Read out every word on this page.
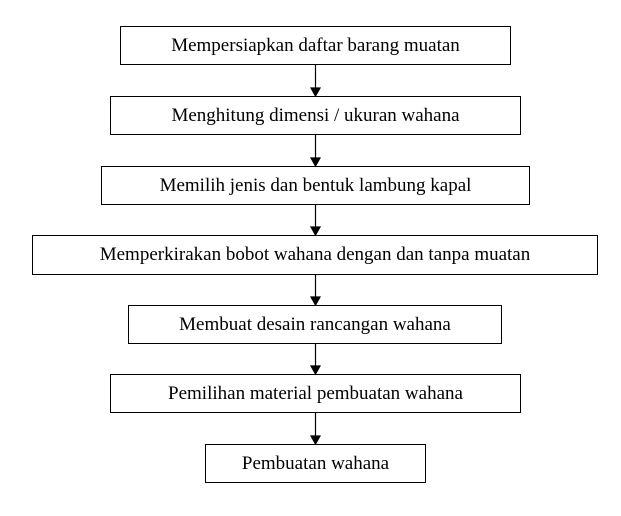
Mempersiapkan daftar barang muatan
Menghitung dimensi / ukuran wahana
Memilih jenis dan bentuk lambung kapal
Memperkirakan bobot wahana dengan dan tanpa muatan
Membuat desain rancangan wahana
Pemilihan material pembuatan wahana
Pembuatan wahana
